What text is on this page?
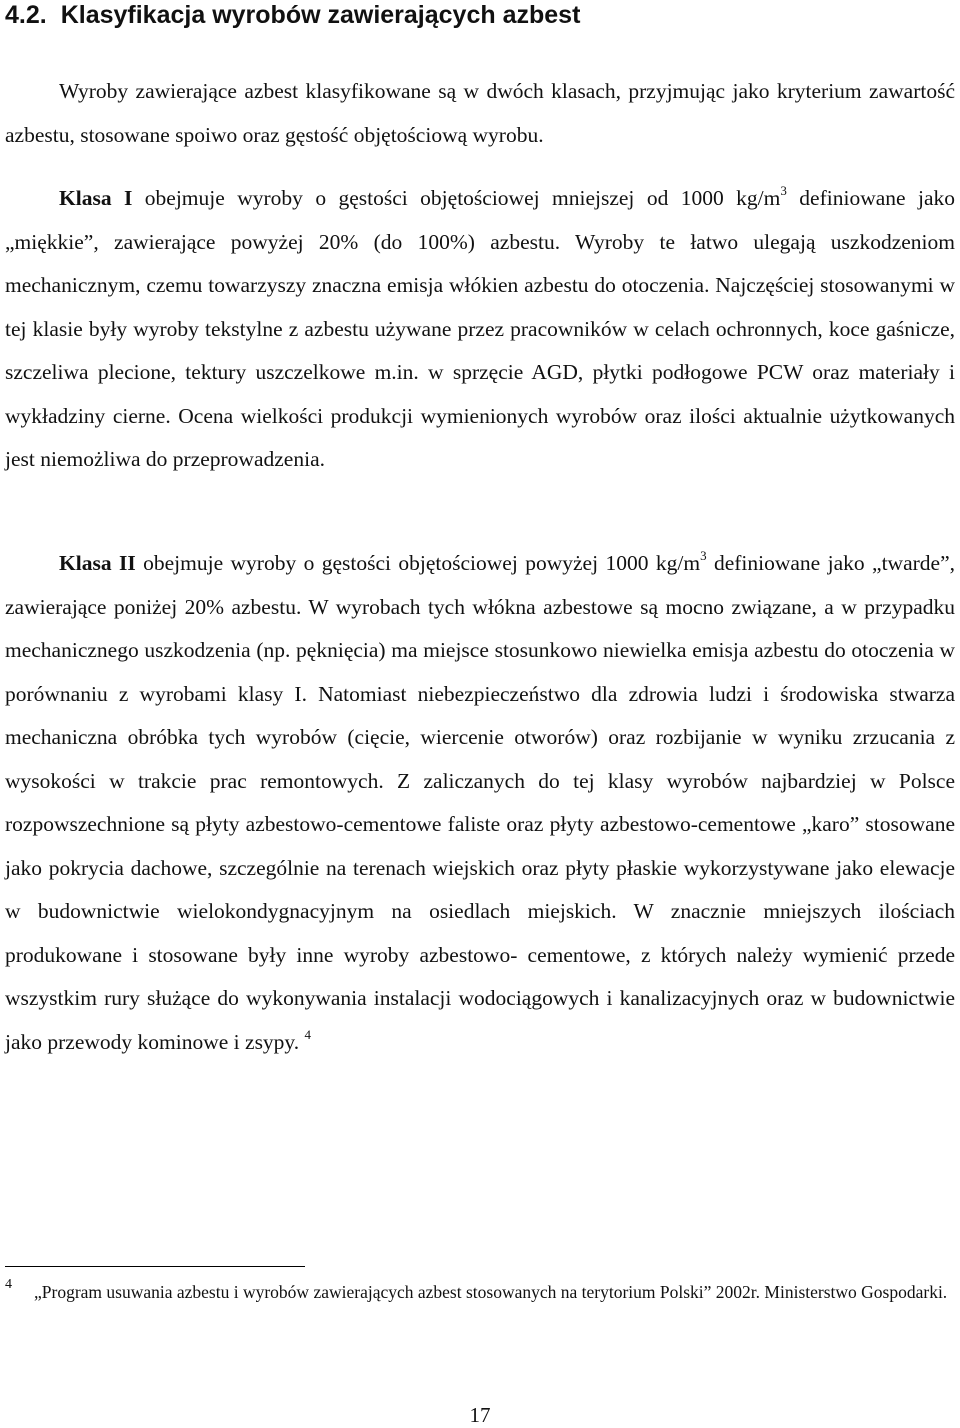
4.2. Klasyfikacja wyrobów zawierających azbest

Wyroby zawierające azbest klasyfikowane są w dwóch klasach, przyjmując jako kryterium zawartość azbestu, stosowane spoiwo oraz gęstość objętościową wyrobu.

Klasa I obejmuje wyroby o gęstości objętościowej mniejszej od 1000 $kg/m^3$ definiowane jako „miękkie”, zawierające powyżej 20% (do 100%) azbestu. Wyroby te łatwo ulegają uszkodzeniom mechanicznym, czemu towarzyszy znaczna emisja włókien azbestu do otoczenia. Najczęściej stosowanymi w tej klasie były wyroby tekstylne z azbestu używane przez pracowników w celach ochronnych, koce gaśnicze, szczeliwa plecione, tektury uszczelkowe m.in. w sprzęcie AGD, płytki podłogowe PCW oraz materiały i wykładziny cierne. Ocena wielkości produkcji wymienionych wyrobów oraz ilości aktualnie użytkowanych jest niemożliwa do przeprowadzenia.

Klasa II obejmuje wyroby o gęstości objętościowej powyżej 1000 $kg/m^3$ definiowane jako „twarde”, zawierające poniżej 20% azbestu. W wyrobach tych włókna azbestowe są mocno związane, a w przypadku mechanicznego uszkodzenia (np. pęknięcia) ma miejsce stosunkowo niewielka emisja azbestu do otoczenia w porównaniu z wyrobami klasy I. Natomiast niebezpieczeństwo dla zdrowia ludzi i środowiska stwarza mechaniczna obróbka tych wyrobów (cięcie, wiercenie otworów) oraz rozbijanie w wyniku zrzucania z wysokości w trakcie prac remontowych. Z zaliczanych do tej klasy wyrobów najbardziej w Polsce rozpowszechnione są płyty azbestowo-cementowe faliste oraz płyty azbestowo-cementowe „karo” stosowane jako pokrycia dachowe, szczególnie na terenach wiejskich oraz płyty płaskie wykorzystywane jako elewacje w budownictwie wielokondygnacyjnym na osiedlach miejskich. W znacznie mniejszych ilościach produkowane i stosowane były inne wyroby azbestowo- cementowe, z których należy wymienić przede wszystkim rury służące do wykonywania instalacji wodociągowych i kanalizacyjnych oraz w budownictwie jako przewody kominowe i zsypy. $^4$

$^4$ „Program usuwania azbestu i wyrobów zawierających azbest stosowanych na terytorium Polski” 2002r. Ministerstwo Gospodarki.

17
